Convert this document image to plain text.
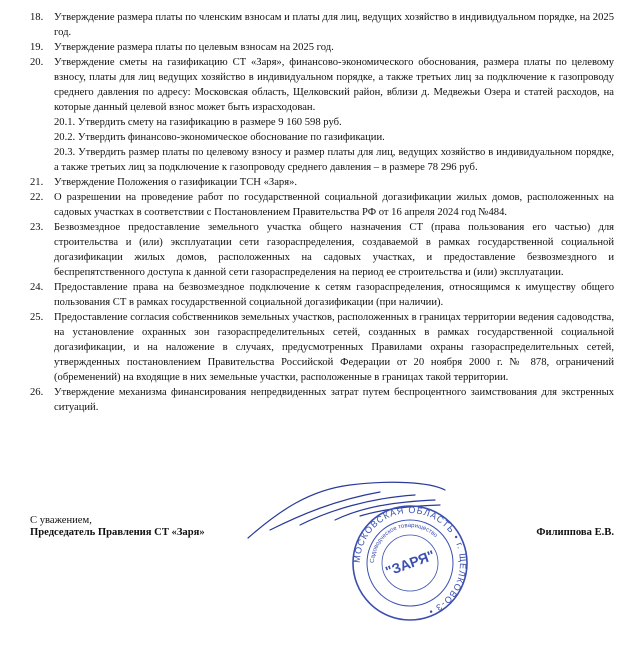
18.	Утверждение размера платы по членским взносам и платы для лиц, ведущих хозяйство в индивидуальном порядке, на 2025 год.
19.	Утверждение размера платы по целевым взносам на 2025 год.
20.	Утверждение сметы на газификацию СТ «Заря», финансово-экономического обоснования, размера платы по целевому взносу, платы для лиц ведущих хозяйство в индивидуальном порядке, а также третьих лиц за подключение к газопроводу среднего давления по адресу: Московская область, Щелковский район, вблизи д. Медвежьи Озера и статей расходов, на которые данный целевой взнос может быть израсходован.
20.1. Утвердить смету на газификацию в размере 9 160 598 руб.
20.2. Утвердить финансово-экономическое обоснование по газификации.
20.3. Утвердить размер платы по целевому взносу и размер платы для лиц, ведущих хозяйство в индивидуальном порядке, а также третьих лиц за подключение к газопроводу среднего давления – в размере 78 296 руб.
21.	Утверждение Положения о газификации ТСН «Заря».
22.	О разрешении на проведение работ по государственной социальной догазификации жилых домов, расположенных на садовых участках в соответствии с Постановлением Правительства РФ от 16 апреля 2024 год №484.
23.	Безвозмездное предоставление земельного участка общего назначения СТ (права пользования его частью) для строительства и (или) эксплуатации сети газораспределения, создаваемой в рамках государственной социальной догазификации жилых домов, расположенных на садовых участках, и предоставление безвозмездного и беспрепятственного доступа к данной сети газораспределения на период ее строительства и (или) эксплуатации.
24.	Предоставление права на безвозмездное подключение к сетям газораспределения, относящимся к имуществу общего пользования СТ в рамках государственной социальной догазификации (при наличии).
25.	Предоставление согласия собственников земельных участков, расположенных в границах территории ведения садоводства, на установление охранных зон газораспределительных сетей, созданных в рамках государственной социальной догазификации, и на наложение в случаях, предусмотренных Правилами охраны газораспределительных сетей, утвержденных постановлением Правительства Российской Федерации от 20 ноября 2000 г. № 878, ограничений (обременений) на входящие в них земельные участки, расположенные в границах такой территории.
26.	Утверждение механизма финансирования непредвиденных затрат путем беспроцентного заимствования для экстренных ситуаций.
МОСКОВСКАЯ ОБЛАСТЬ • г. ЩЕЛКОВО-3 •
Садоводческое товарищество
"ЗАРЯ"
С уважением,
Председатель Правления СТ «Заря»	Филиппова Е.В.
